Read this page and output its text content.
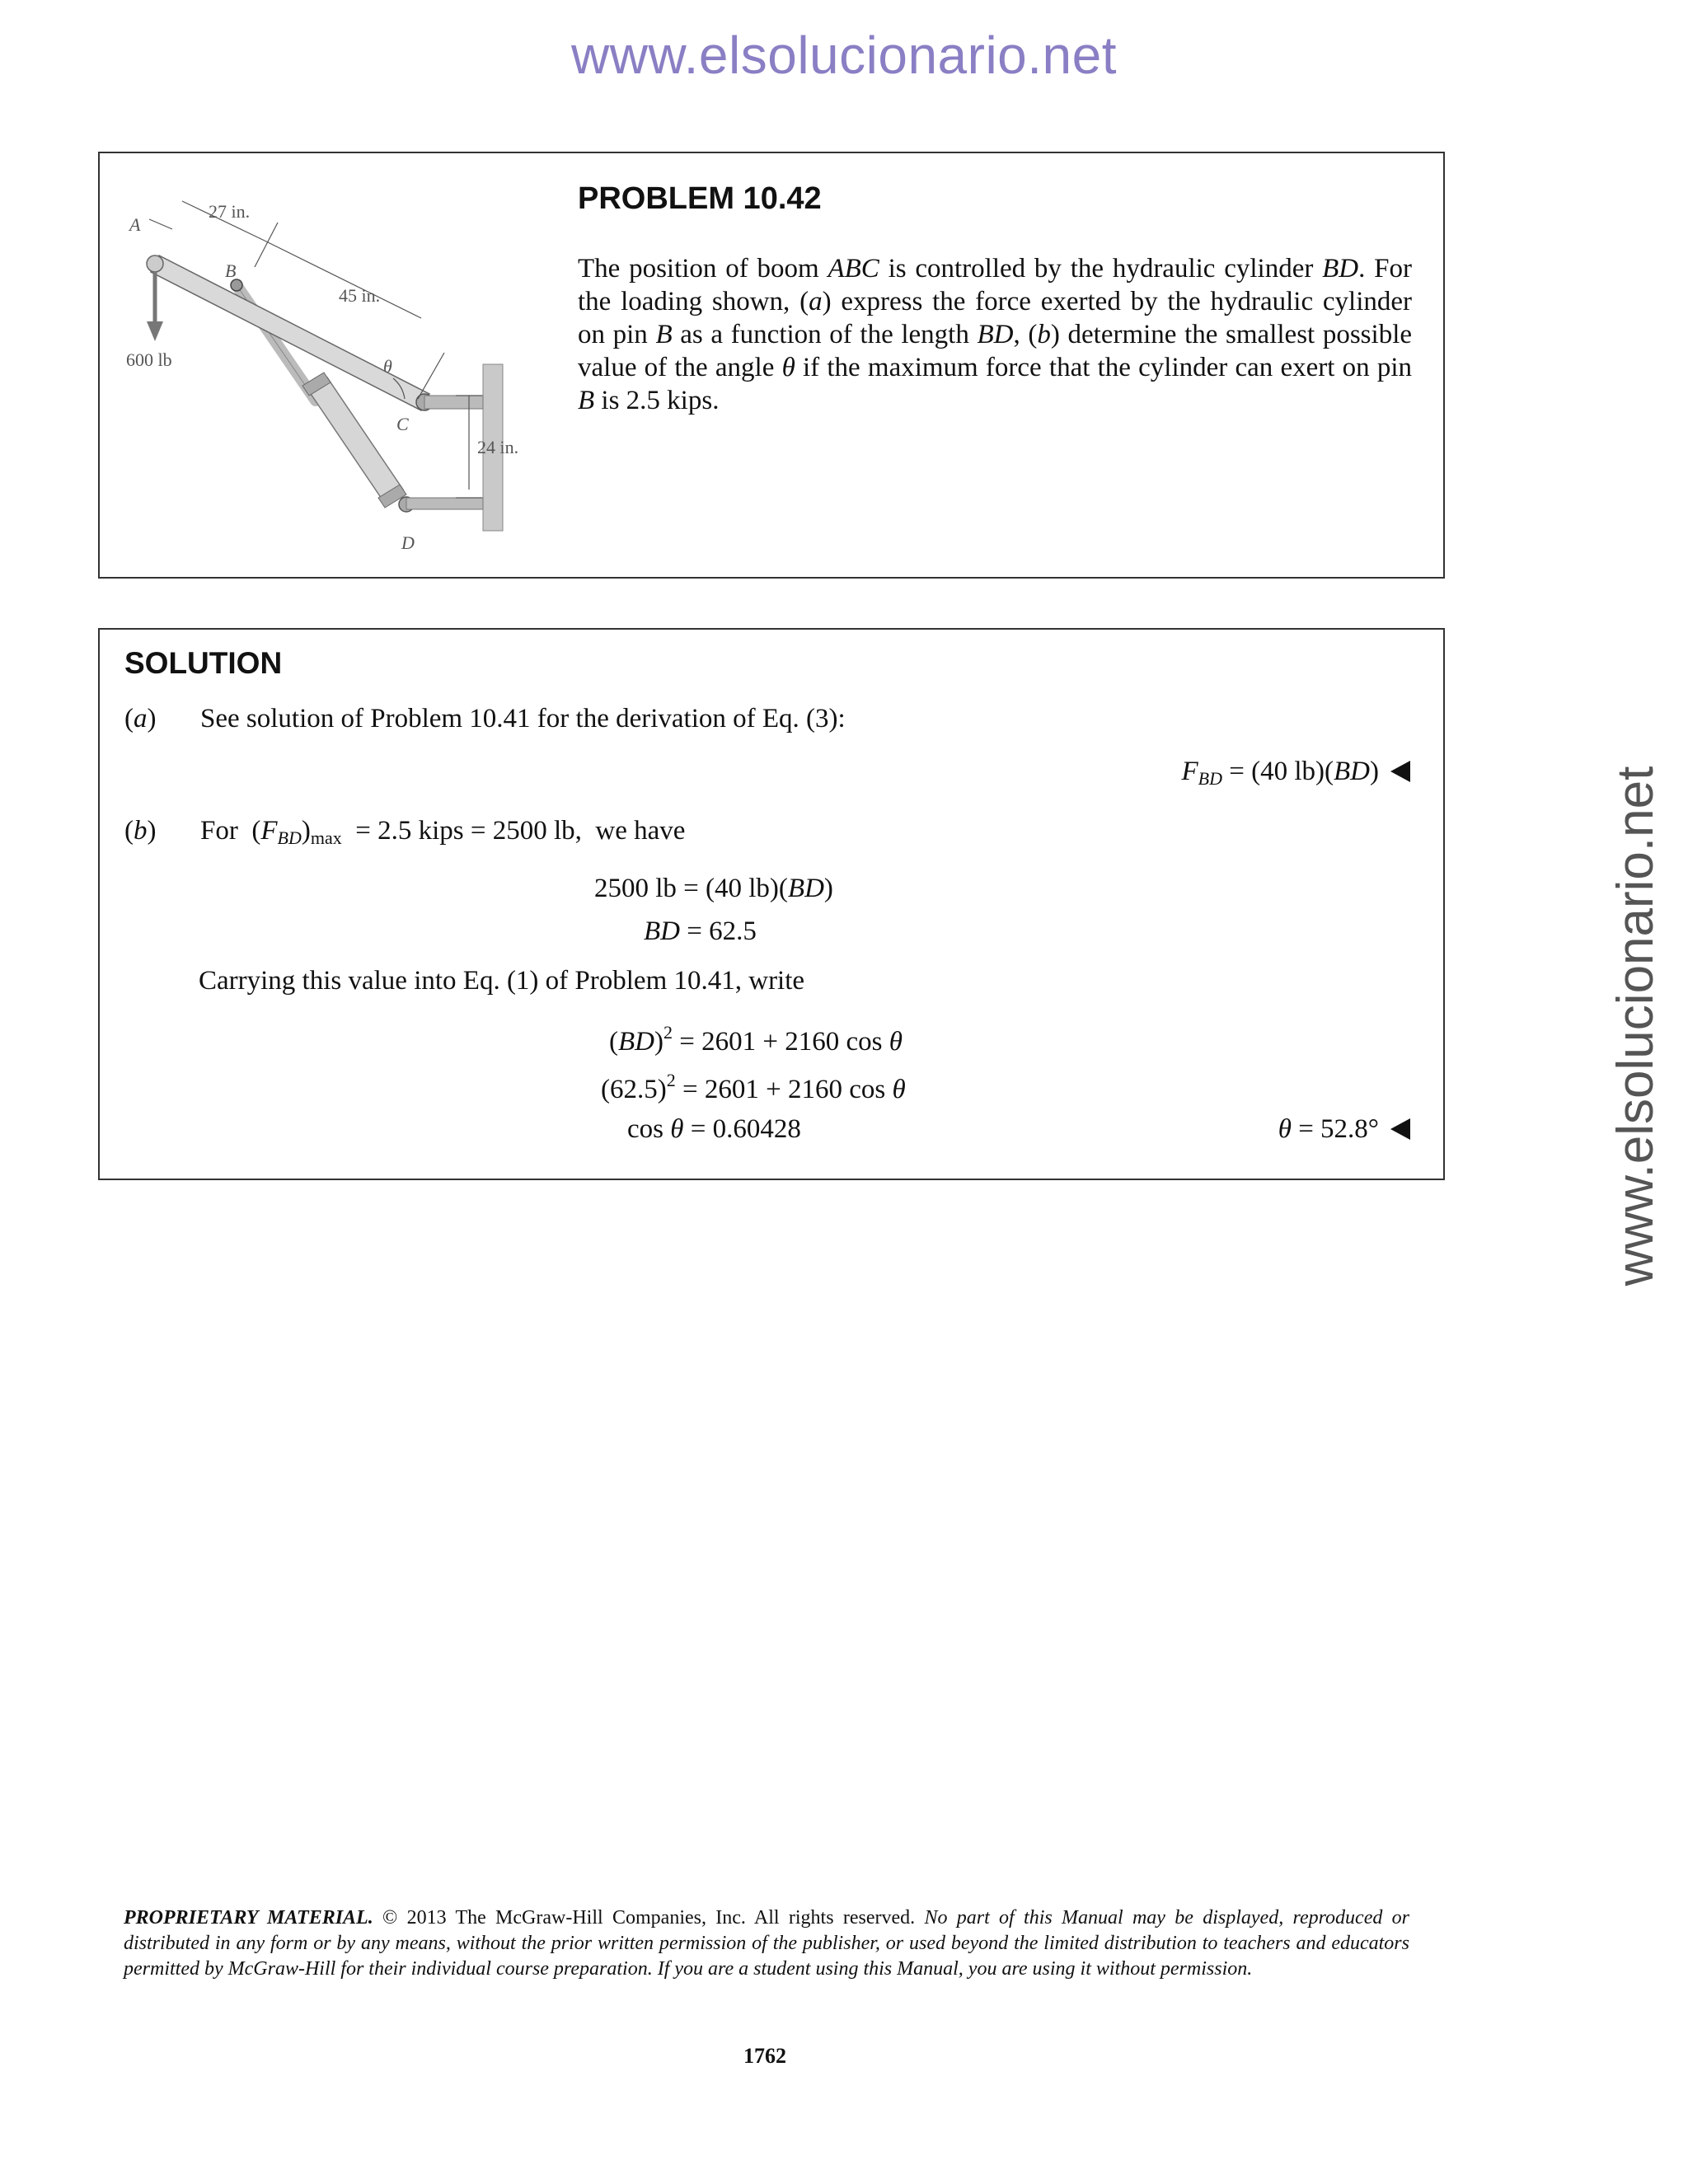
www.elsolucionario.net
www.elsolucionario.net
600 lb
27 in.
45 in.
24 in.
A
B
C
D
θ
PROBLEM 10.42
The position of boom ABC is controlled by the hydraulic cylinder BD. For the loading shown, (a) express the force exerted by the hydraulic cylinder on pin B as a function of the length BD, (b) determine the smallest possible value of the angle θ if the maximum force that the cylinder can exert on pin B is 2.5 kips.
SOLUTION
(a) See solution of Problem 10.41 for the derivation of Eq. (3):
$F_{BD} = (40$ lb)(BD)
(b) For  $(F_{BD})_{max} = 2.5$ kips = 2500 lb,  we have
2500 lb = (40 lb)(BD)
BD = 62.5
Carrying this value into Eq. (1) of Problem 10.41, write
(BD)$^2$ = 2601 + 2160 cos θ
$(62.5)^2 = 2601 + 2160$ cos θ
cos θ = 0.60428	θ = 52.8°
PROPRIETARY MATERIAL. © 2013 The McGraw-Hill Companies, Inc. All rights reserved. No part of this Manual may be displayed, reproduced or distributed in any form or by any means, without the prior written permission of the publisher, or used beyond the limited distribution to teachers and educators permitted by McGraw-Hill for their individual course preparation. If you are a student using this Manual, you are using it without permission.
1762
